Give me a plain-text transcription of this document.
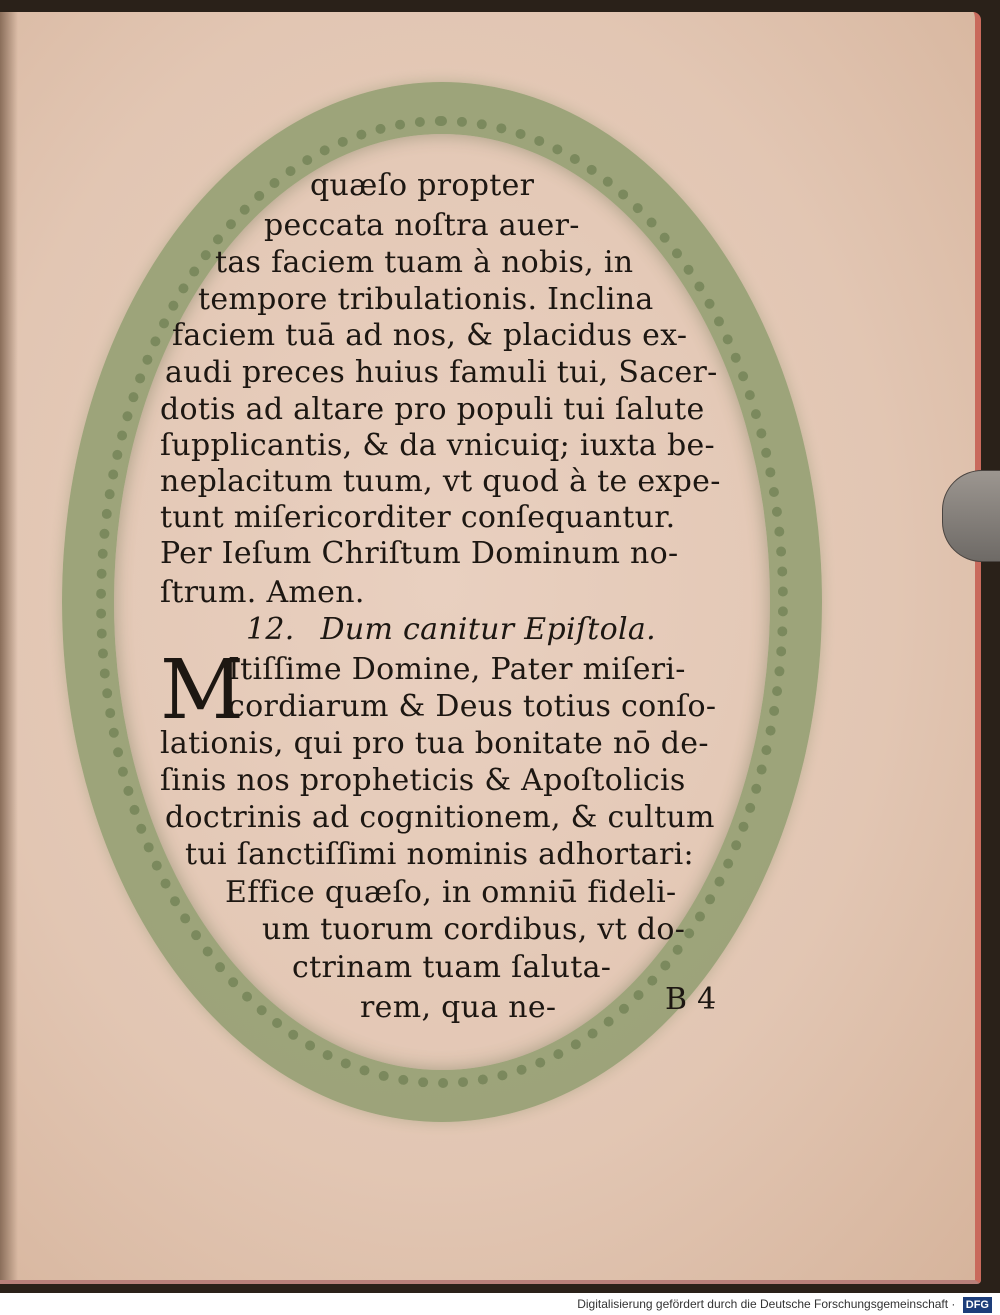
quæſo propter
peccata noſtra auer-
tas faciem tuam à nobis, in
tempore tribulationis. Inclina
faciem tuā ad nos, & placidus ex-
audi preces huius famuli tui, Sacer-
dotis ad altare pro populi tui ſalute
ſupplicantis, & da vnicuiq; iuxta be-
neplacitum tuum, vt quod à te expe-
tunt miſericorditer conſequantur.
Per Ieſum Chriſtum Dominum no-
ſtrum. Amen.
12. Dum canitur Epiſtola.
M
Itiſſime Domine, Pater miſeri-
cordiarum & Deus totius conſo-
lationis, qui pro tua bonitate nō de-
ſinis nos propheticis & Apoſtolicis
doctrinis ad cognitionem, & cultum
tui ſanctiſſimi nominis adhortari:
Effice quæſo, in omniū fideli-
um tuorum cordibus, vt do-
ctrinam tuam ſaluta-
rem, qua ne-	B 4
Digitalisierung gefördert durch die Deutsche Forschungsgemeinschaft · DFG
